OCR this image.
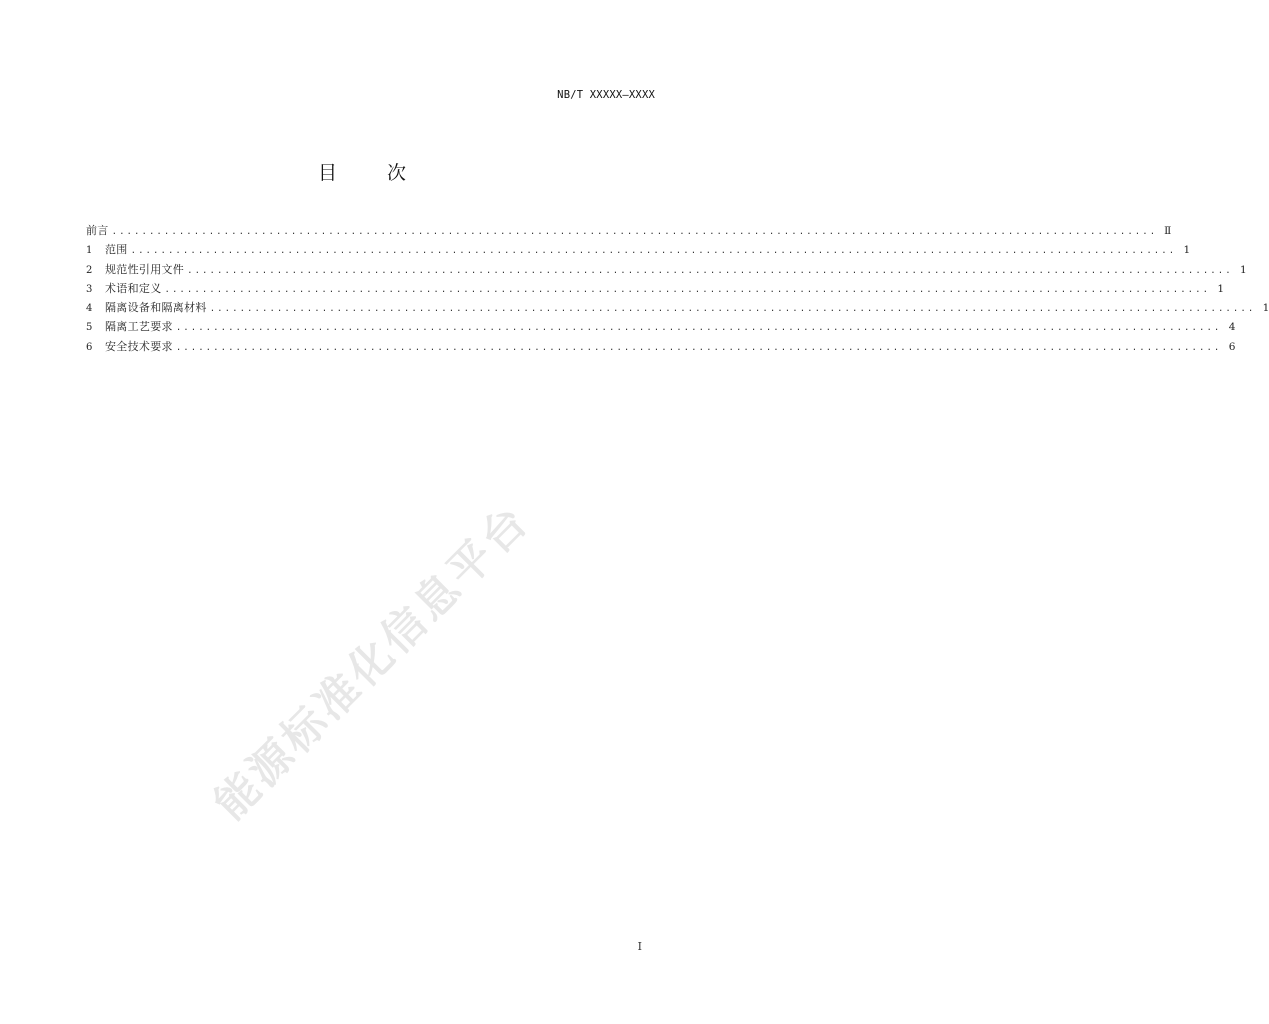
NB/T XXXXX—XXXX
目 次
能源标准化信息平台
前言 ............................................................................................................................................ Ⅱ
1	范围 ............................................................................................................................................ 1
2	规范性引用文件 ............................................................................................................................................ 1
3	术语和定义 ............................................................................................................................................ 1
4	隔离设备和隔离材料 ............................................................................................................................................ 1
5	隔离工艺要求 ............................................................................................................................................ 4
6	安全技术要求 ............................................................................................................................................ 6
I
